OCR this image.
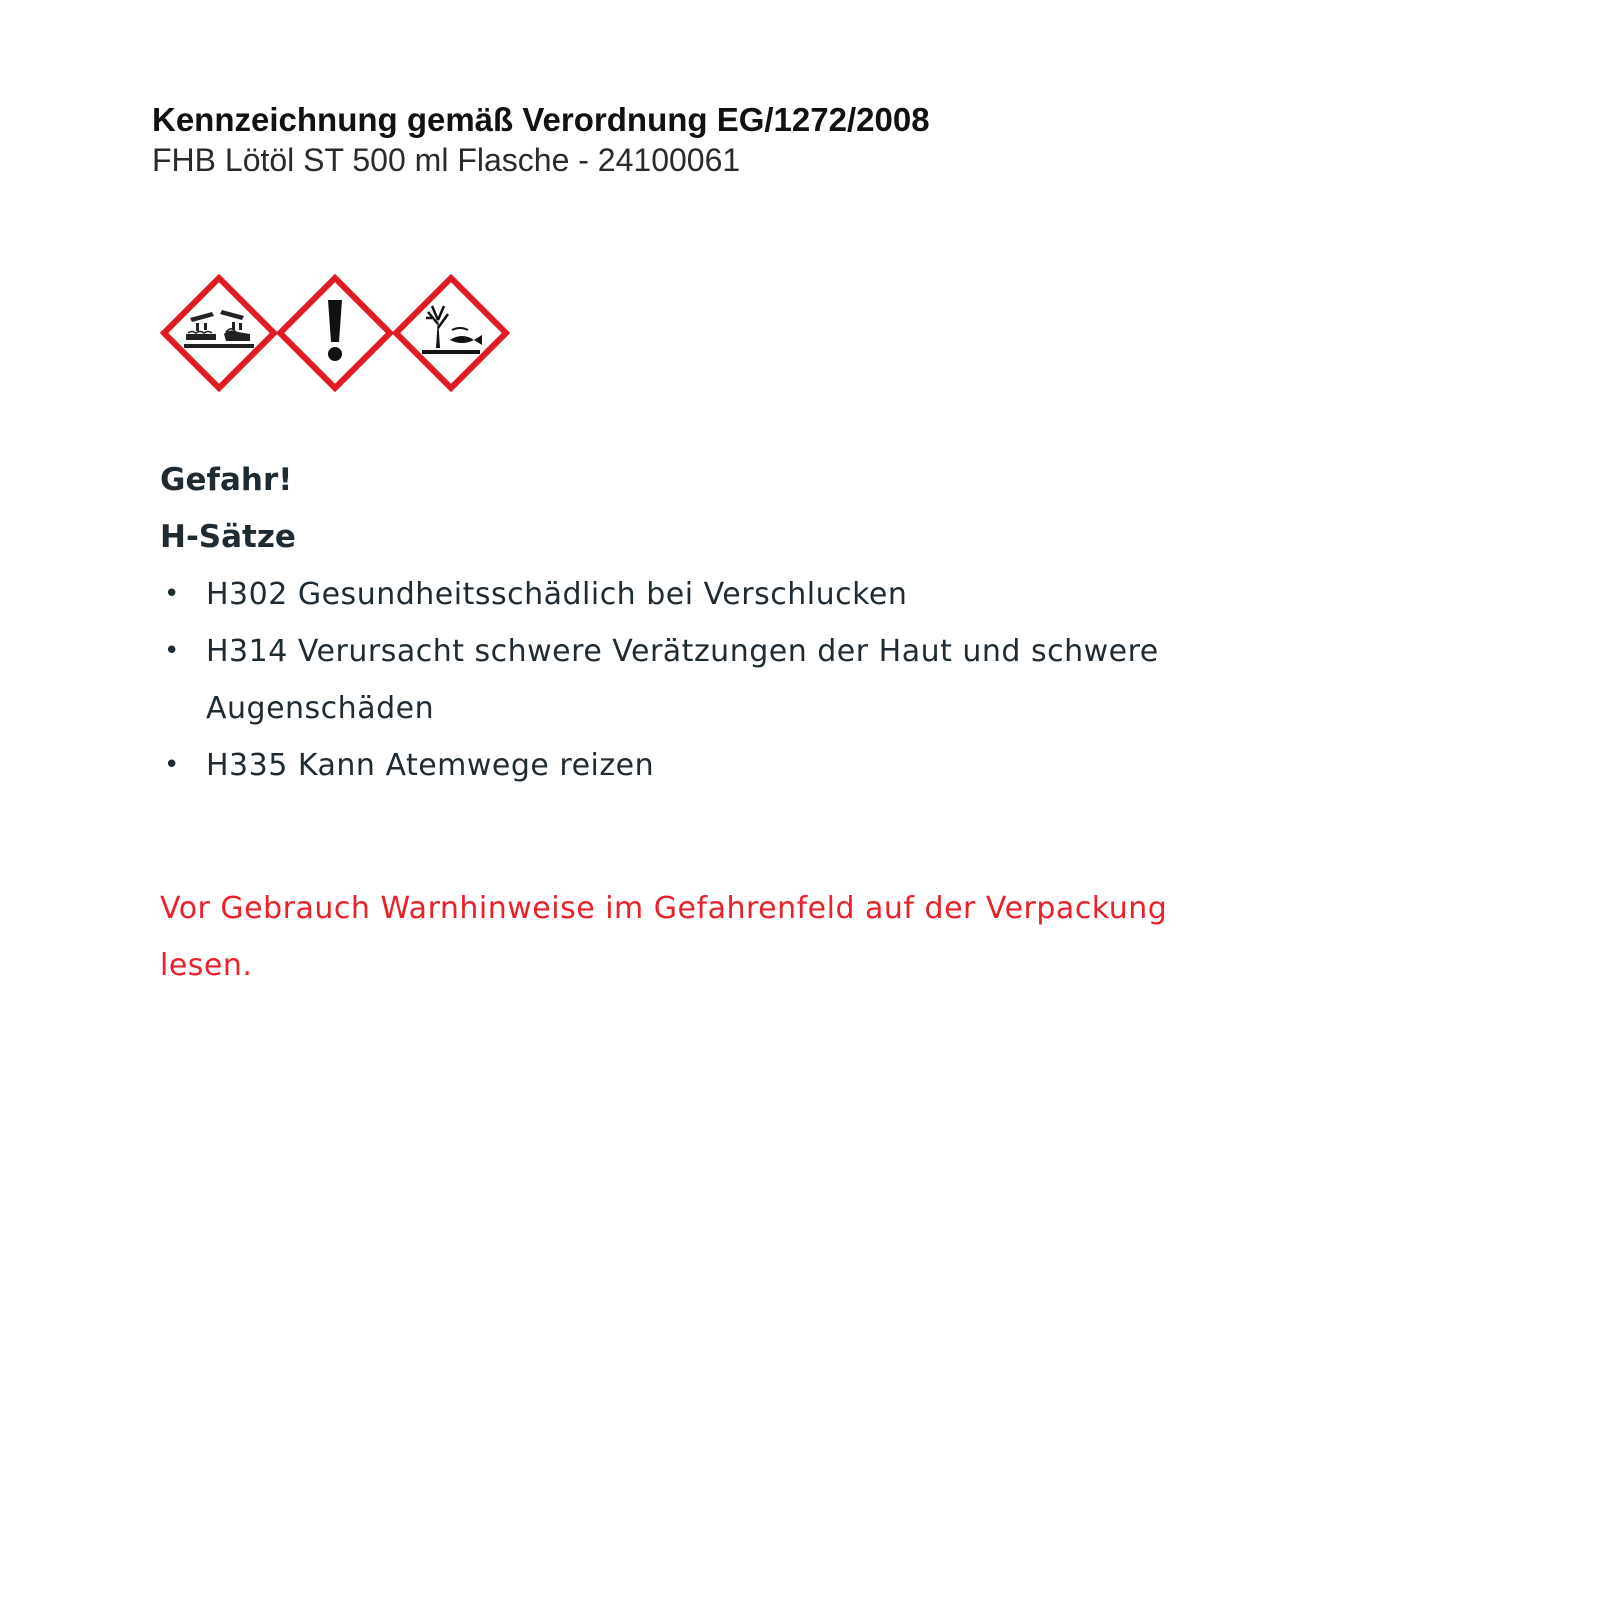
Kennzeichnung gemäß Verordnung EG/1272/2008
FHB Lötöl ST 500 ml Flasche - 24100061
Gefahr!
H-Sätze
• H302 Gesundheitsschädlich bei Verschlucken
• H314 Verursacht schwere Verätzungen der Haut und schwere Augenschäden
• H335 Kann Atemwege reizen
Vor Gebrauch Warnhinweise im Gefahrenfeld auf der Verpackung lesen.
